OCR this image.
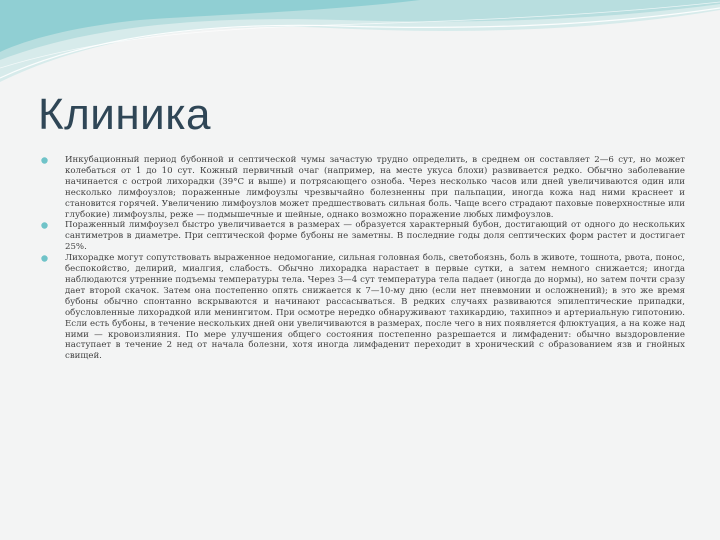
Клиника
Инкубационный период бубонной и септической чумы зачастую трудно определить, в среднем он составляет 2—6 сут, но может колебаться от 1 до 10 сут. Кожный первичный очаг (например, на месте укуса блохи) развивается редко. Обычно заболевание начинается с острой лихорадки (39°C и выше) и потрясающего озноба. Через несколько часов или дней увеличиваются один или несколько лимфоузлов; пораженные лимфоузлы чрезвычайно болезненны при пальпации, иногда кожа над ними краснеет и становится горячей. Увеличению лимфоузлов может предшествовать сильная боль. Чаще всего страдают паховые поверхностные или глубокие) лимфоузлы, реже — подмышечные и шейные, однако возможно поражение любых лимфоузлов.
Пораженный лимфоузел быстро увеличивается в размерах — образуется характерный бубон, достигающий от одного до нескольких сантиметров в диаметре. При септической форме бубоны не заметны. В последние годы доля септических форм растет и достигает 25%.
Лихорадке могут сопутствовать выраженное недомогание, сильная головная боль, светобоязнь, боль в животе, тошнота, рвота, понос, беспокойство, делирий, миалгия, слабость. Обычно лихорадка нарастает в первые сутки, а затем немного снижается; иногда наблюдаются утренние подъемы температуры тела. Через 3—4 сут температура тела падает (иногда до нормы), но затем почти сразу дает второй скачок. Затем она постепенно опять снижается к 7—10-му дню (если нет пневмонии и осложнений); в это же время бубоны обычно спонтанно вскрываются и начинают рассасываться. В редких случаях развиваются эпилептические припадки, обусловленные лихорадкой или менингитом. При осмотре нередко обнаруживают тахикардию, тахипноэ и артериальную гипотонию. Если есть бубоны, в течение нескольких дней они увеличиваются в размерах, после чего в них появляется флюктуация, а на коже над ними — кровоизлияния. По мере улучшения общего состояния постепенно разрешается и лимфаденит: обычно выздоровление наступает в течение 2 нед от начала болезни, хотя иногда лимфаденит переходит в хронический с образованием язв и гнойных свищей.
